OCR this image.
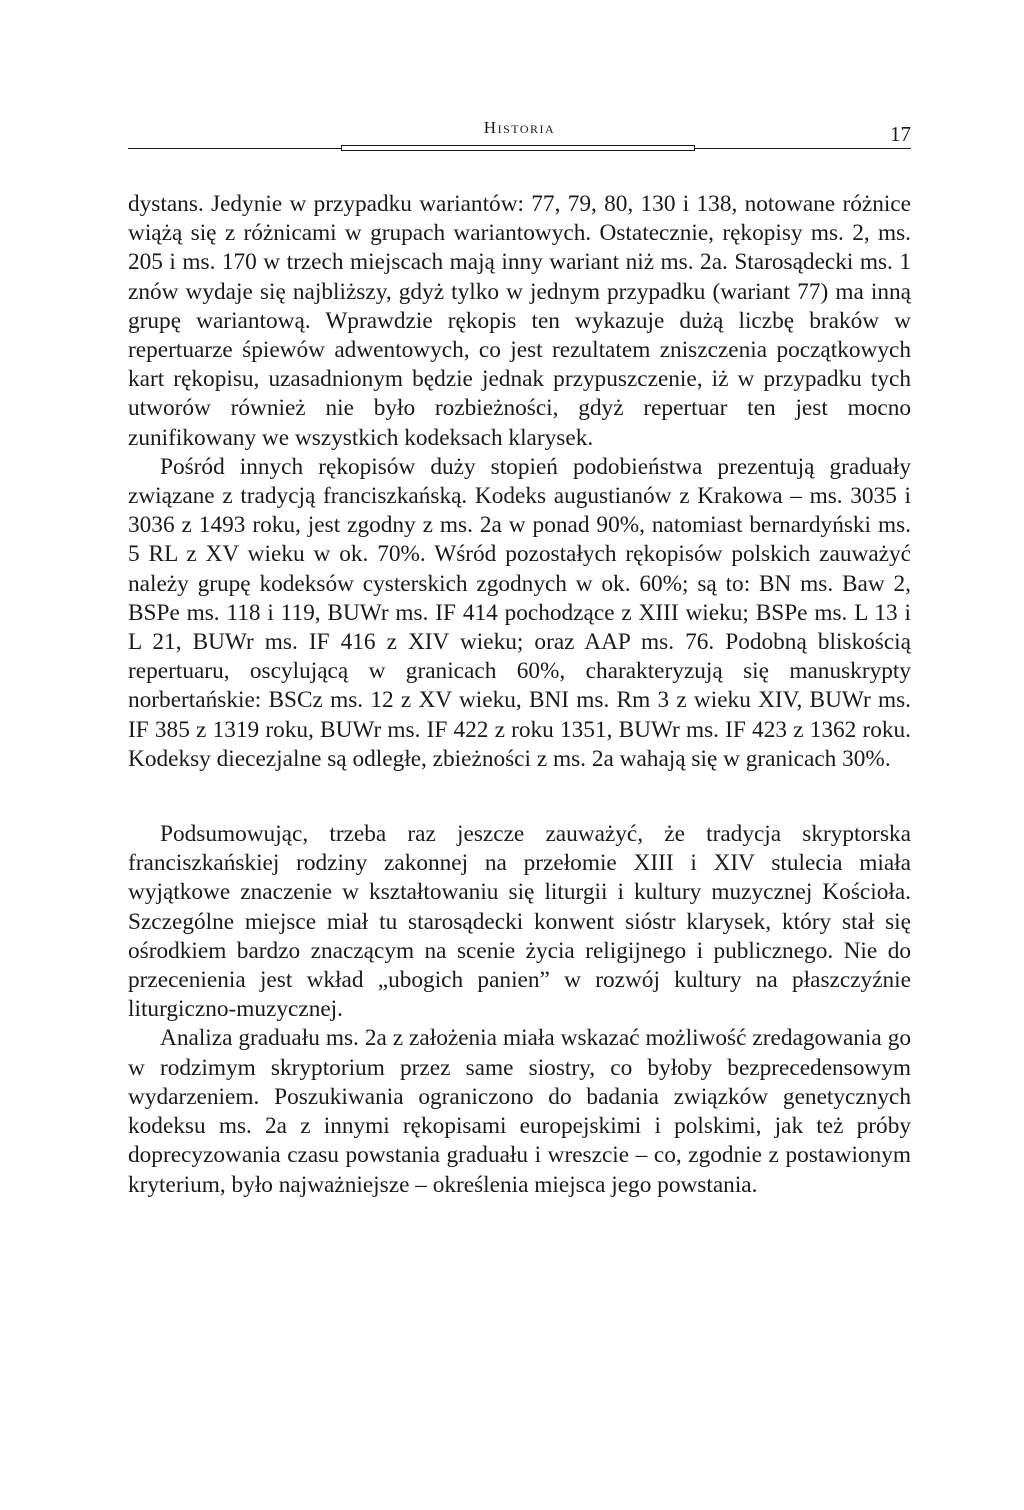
Historia	17

dystans. Jedynie w przypadku wariantów: 77, 79, 80, 130 i 138, notowane różnice wiążą się z różnicami w grupach wariantowych. Ostatecznie, rękopisy ms. 2, ms. 205 i ms. 170 w trzech miejscach mają inny wariant niż ms. 2a. Starosądecki ms. 1 znów wydaje się najbliższy, gdyż tylko w jednym przypadku (wariant 77) ma inną grupę wariantową. Wprawdzie rękopis ten wykazuje dużą liczbę braków w repertuarze śpiewów adwentowych, co jest rezultatem zniszczenia początkowych kart rękopisu, uzasadnionym będzie jednak przypuszczenie, iż w przypadku tych utworów również nie było rozbieżności, gdyż repertuar ten jest mocno zunifikowany we wszystkich kodeksach klarysek.

Pośród innych rękopisów duży stopień podobieństwa prezentują graduały związane z tradycją franciszkańską. Kodeks augustianów z Krakowa – ms. 3035 i 3036 z 1493 roku, jest zgodny z ms. 2a w ponad 90%, natomiast bernardyński ms. 5 RL z XV wieku w ok. 70%. Wśród pozostałych rękopisów polskich zauważyć należy grupę kodeksów cysterskich zgodnych w ok. 60%; są to: BN ms. Baw 2, BSPe ms. 118 i 119, BUWr ms. IF 414 pochodzące z XIII wieku; BSPe ms. L 13 i L 21, BUWr ms. IF 416 z XIV wieku; oraz AAP ms. 76. Podobną bliskością repertuaru, oscylującą w granicach 60%, charakteryzują się manuskrypty norbertańskie: BSCz ms. 12 z XV wieku, BNI ms. Rm 3 z wieku XIV, BUWr ms. IF 385 z 1319 roku, BUWr ms. IF 422 z roku 1351, BUWr ms. IF 423 z 1362 roku. Kodeksy diecezjalne są odległe, zbieżności z ms. 2a wahają się w granicach 30%.

Podsumowując, trzeba raz jeszcze zauważyć, że tradycja skryptorska franciszkańskiej rodziny zakonnej na przełomie XIII i XIV stulecia miała wyjątkowe znaczenie w kształtowaniu się liturgii i kultury muzycznej Kościoła. Szczególne miejsce miał tu starosądecki konwent sióstr klarysek, który stał się ośrodkiem bardzo znaczącym na scenie życia religijnego i publicznego. Nie do przecenienia jest wkład „ubogich panien” w rozwój kultury na płaszczyźnie liturgiczno-muzycznej.

Analiza graduału ms. 2a z założenia miała wskazać możliwość zredagowania go w rodzimym skryptorium przez same siostry, co byłoby bezprecedensowym wydarzeniem. Poszukiwania ograniczono do badania związków genetycznych kodeksu ms. 2a z innymi rękopisami europejskimi i polskimi, jak też próby doprecyzowania czasu powstania graduału i wreszcie – co, zgodnie z postawionym kryterium, było najważniejsze – określenia miejsca jego powstania.
